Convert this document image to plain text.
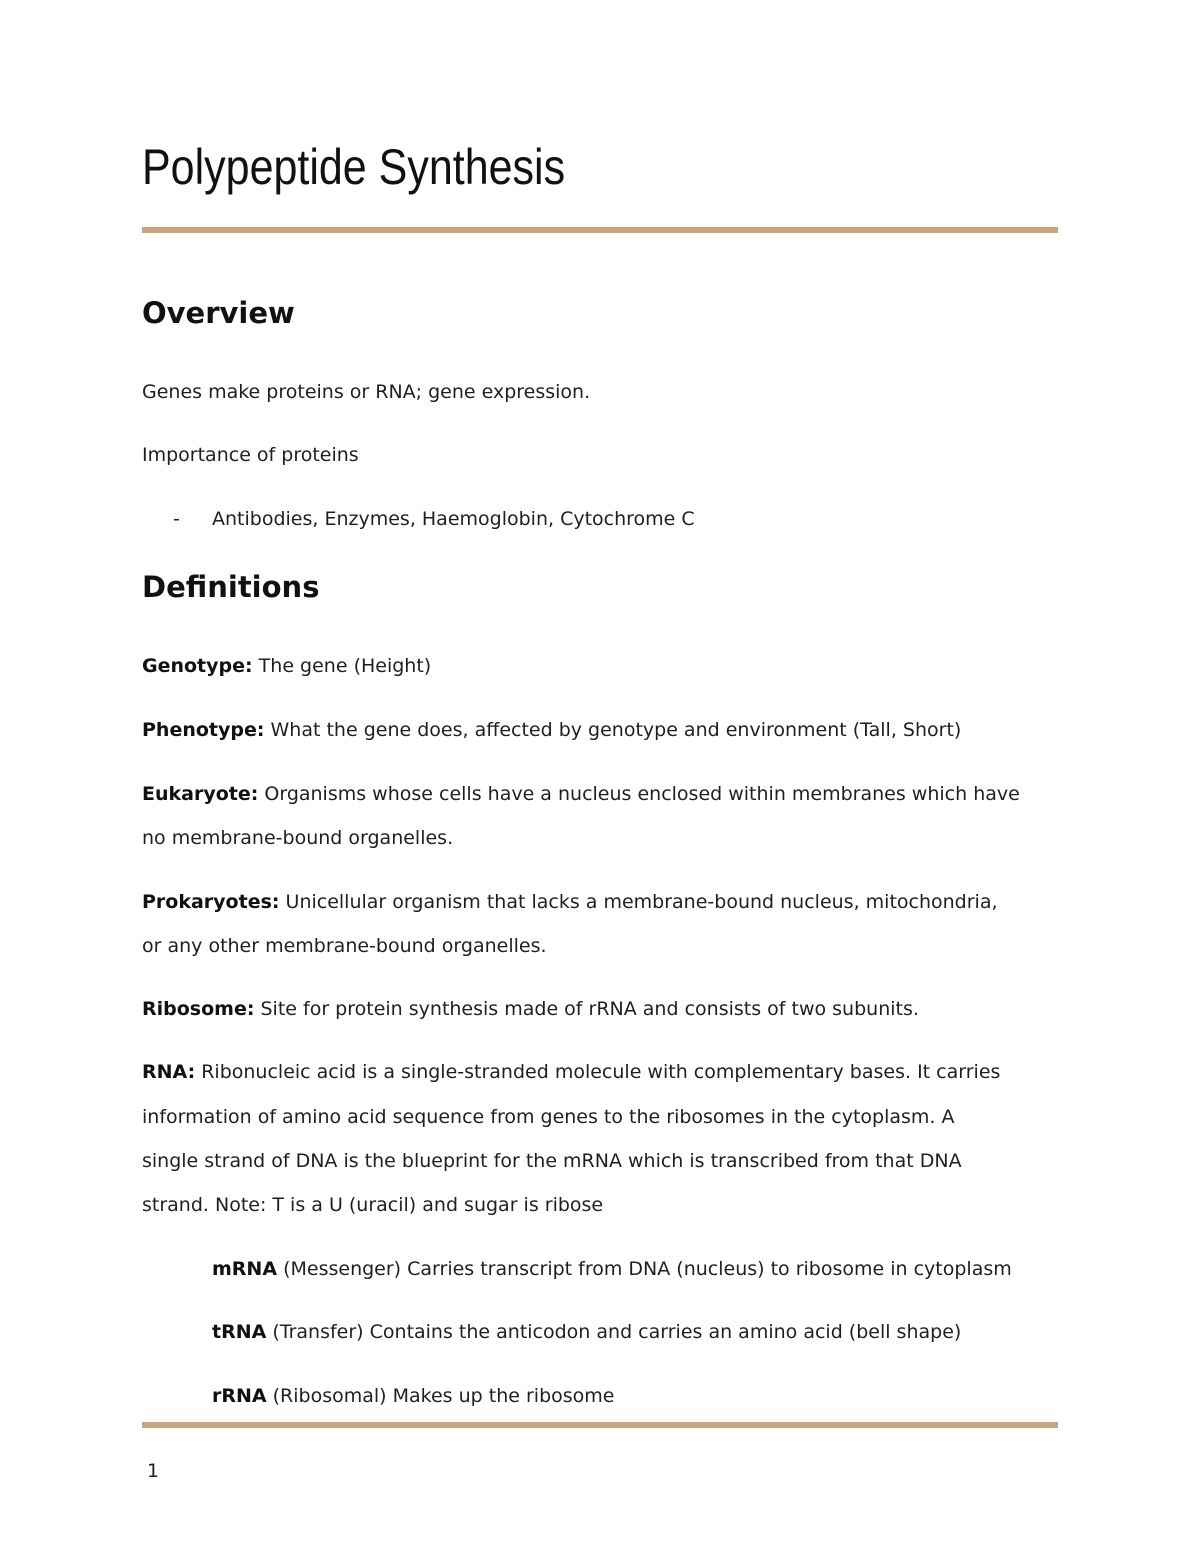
Polypeptide Synthesis
Overview

Genes make proteins or RNA; gene expression.

Importance of proteins

- Antibodies, Enzymes, Haemoglobin, Cytochrome C

Definitions

Genotype: The gene (Height)

Phenotype: What the gene does, affected by genotype and environment (Tall, Short)

Eukaryote: Organisms whose cells have a nucleus enclosed within membranes which have

no membrane-bound organelles.

Prokaryotes: Unicellular organism that lacks a membrane-bound nucleus, mitochondria,

or any other membrane-bound organelles.

Ribosome: Site for protein synthesis made of rRNA and consists of two subunits.

RNA: Ribonucleic acid is a single-stranded molecule with complementary bases. It carries

information of amino acid sequence from genes to the ribosomes in the cytoplasm. A

single strand of DNA is the blueprint for the mRNA which is transcribed from that DNA

strand. Note: T is a U (uracil) and sugar is ribose

mRNA (Messenger) Carries transcript from DNA (nucleus) to ribosome in cytoplasm

tRNA (Transfer) Contains the anticodon and carries an amino acid (bell shape)

rRNA (Ribosomal) Makes up the ribosome

1
